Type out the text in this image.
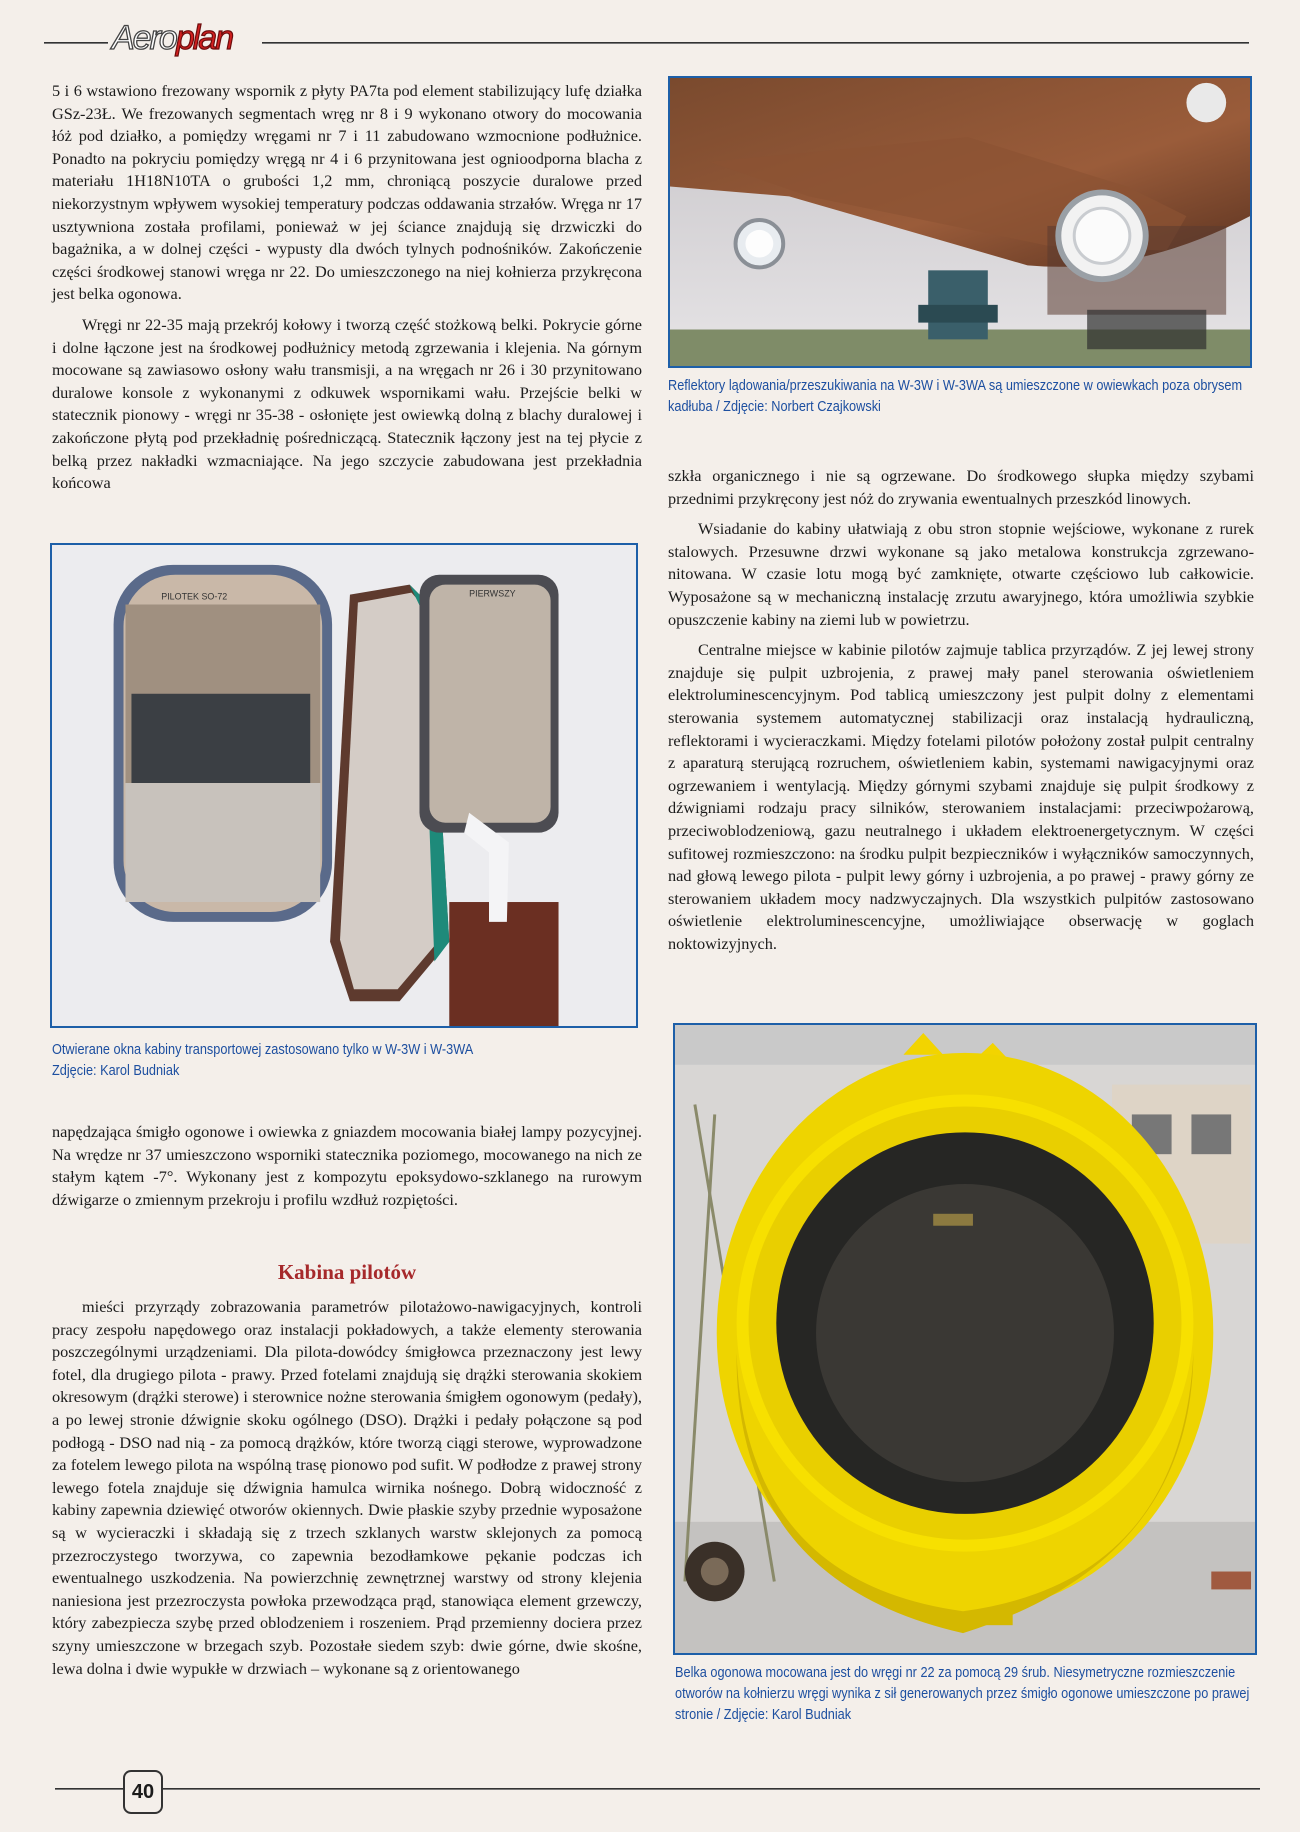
Aeroplan

5 i 6 wstawiono frezowany wspornik z płyty PA7ta pod element stabilizujący lufę działka GSz-23Ł. We frezowanych segmentach wręg nr 8 i 9 wykonano otwory do mocowania łóż pod działko, a pomiędzy wręgami nr 7 i 11 zabudowano wzmocnione podłużnice. Ponadto na pokryciu pomiędzy wręgą nr 4 i 6 przynitowana jest ognioodporna blacha z materiału 1H18N10TA o grubości 1,2 mm, chroniącą poszycie duralowe przed niekorzystnym wpływem wysokiej temperatury podczas oddawania strzałów. Wręga nr 17 usztywniona została profilami, ponieważ w jej ściance znajdują się drzwiczki do bagażnika, a w dolnej części - wypusty dla dwóch tylnych podnośników. Zakończenie części środkowej stanowi wręga nr 22. Do umieszczonego na niej kołnierza przykręcona jest belka ogonowa.

Wręgi nr 22-35 mają przekrój kołowy i tworzą część stożkową belki. Pokrycie górne i dolne łączone jest na środkowej podłużnicy metodą zgrzewania i klejenia. Na górnym mocowane są zawiasowo osłony wału transmisji, a na wręgach nr 26 i 30 przynitowano duralowe konsole z wykonanymi z odkuwek wspornikami wału. Przejście belki w statecznik pionowy - wręgi nr 35-38 - osłonięte jest owiewką dolną z blachy duralowej i zakończone płytą pod przekładnię pośredniczącą. Statecznik łączony jest na tej płycie z belką przez nakładki wzmacniające. Na jego szczycie zabudowana jest przekładnia końcowa

Reflektory lądowania/przeszukiwania na W-3W i W-3WA są umieszczone w owiewkach poza obrysem kadłuba / Zdjęcie: Norbert Czajkowski

szkła organicznego i nie są ogrzewane. Do środkowego słupka między szybami przednimi przykręcony jest nóż do zrywania ewentualnych przeszkód linowych.

Wsiadanie do kabiny ułatwiają z obu stron stopnie wejściowe, wykonane z rurek stalowych. Przesuwne drzwi wykonane są jako metalowa konstrukcja zgrzewano-nitowana. W czasie lotu mogą być zamknięte, otwarte częściowo lub całkowicie. Wyposażone są w mechaniczną instalację zrzutu awaryjnego, która umożliwia szybkie opuszczenie kabiny na ziemi lub w powietrzu.

Centralne miejsce w kabinie pilotów zajmuje tablica przyrządów. Z jej lewej strony znajduje się pulpit uzbrojenia, z prawej mały panel sterowania oświetleniem elektroluminescencyjnym. Pod tablicą umieszczony jest pulpit dolny z elementami sterowania systemem automatycznej stabilizacji oraz instalacją hydrauliczną, reflektorami i wycieraczkami. Między fotelami pilotów położony został pulpit centralny z aparaturą sterującą rozruchem, oświetleniem kabin, systemami nawigacyjnymi oraz ogrzewaniem i wentylacją. Między górnymi szybami znajduje się pulpit środkowy z dźwigniami rodzaju pracy silników, sterowaniem instalacjami: przeciwpożarową, przeciwoblodzeniową, gazu neutralnego i układem elektroenergetycznym. W części sufitowej rozmieszczono: na środku pulpit bezpieczników i wyłączników samoczynnych, nad głową lewego pilota - pulpit lewy górny i uzbrojenia, a po prawej - prawy górny ze sterowaniem układem mocy nadzwyczajnych. Dla wszystkich pulpitów zastosowano oświetlenie elektroluminescencyjne, umożliwiające obserwację w goglach noktowizyjnych.

PILOTEK SO-72	PIERWSZY
Otwierane okna kabiny transportowej zastosowano tylko w W-3W i W-3WA
Zdjęcie: Karol Budniak

napędzająca śmigło ogonowe i owiewka z gniazdem mocowania białej lampy pozycyjnej. Na wrędze nr 37 umieszczono wsporniki statecznika poziomego, mocowanego na nich ze stałym kątem -7°. Wykonany jest z kompozytu epoksydowo-szklanego na rurowym dźwigarze o zmiennym przekroju i profilu wzdłuż rozpiętości.

Kabina pilotów

mieści przyrządy zobrazowania parametrów pilotażowo-nawigacyjnych, kontroli pracy zespołu napędowego oraz instalacji pokładowych, a także elementy sterowania poszczególnymi urządzeniami. Dla pilota-dowódcy śmigłowca przeznaczony jest lewy fotel, dla drugiego pilota - prawy. Przed fotelami znajdują się drążki sterowania skokiem okresowym (drążki sterowe) i sterownice nożne sterowania śmigłem ogonowym (pedały), a po lewej stronie dźwignie skoku ogólnego (DSO). Drążki i pedały połączone są pod podłogą - DSO nad nią - za pomocą drążków, które tworzą ciągi sterowe, wyprowadzone za fotelem lewego pilota na wspólną trasę pionowo pod sufit. W podłodze z prawej strony lewego fotela znajduje się dźwignia hamulca wirnika nośnego. Dobrą widoczność z kabiny zapewnia dziewięć otworów okiennych. Dwie płaskie szyby przednie wyposażone są w wycieraczki i składają się z trzech szklanych warstw sklejonych za pomocą przezroczystego tworzywa, co zapewnia bezodłamkowe pękanie podczas ich ewentualnego uszkodzenia. Na powierzchnię zewnętrznej warstwy od strony klejenia naniesiona jest przezroczysta powłoka przewodząca prąd, stanowiąca element grzewczy, który zabezpiecza szybę przed oblodzeniem i roszeniem. Prąd przemienny dociera przez szyny umieszczone w brzegach szyb. Pozostałe siedem szyb: dwie górne, dwie skośne, lewa dolna i dwie wypukłe w drzwiach – wykonane są z orientowanego	Belka ogonowa mocowana jest do wręgi nr 22 za pomocą 29 śrub. Niesymetryczne rozmieszczenie otworów na kołnierzu wręgi wynika z sił generowanych przez śmigło ogonowe umieszczone po prawej stronie / Zdjęcie: Karol Budniak
40
